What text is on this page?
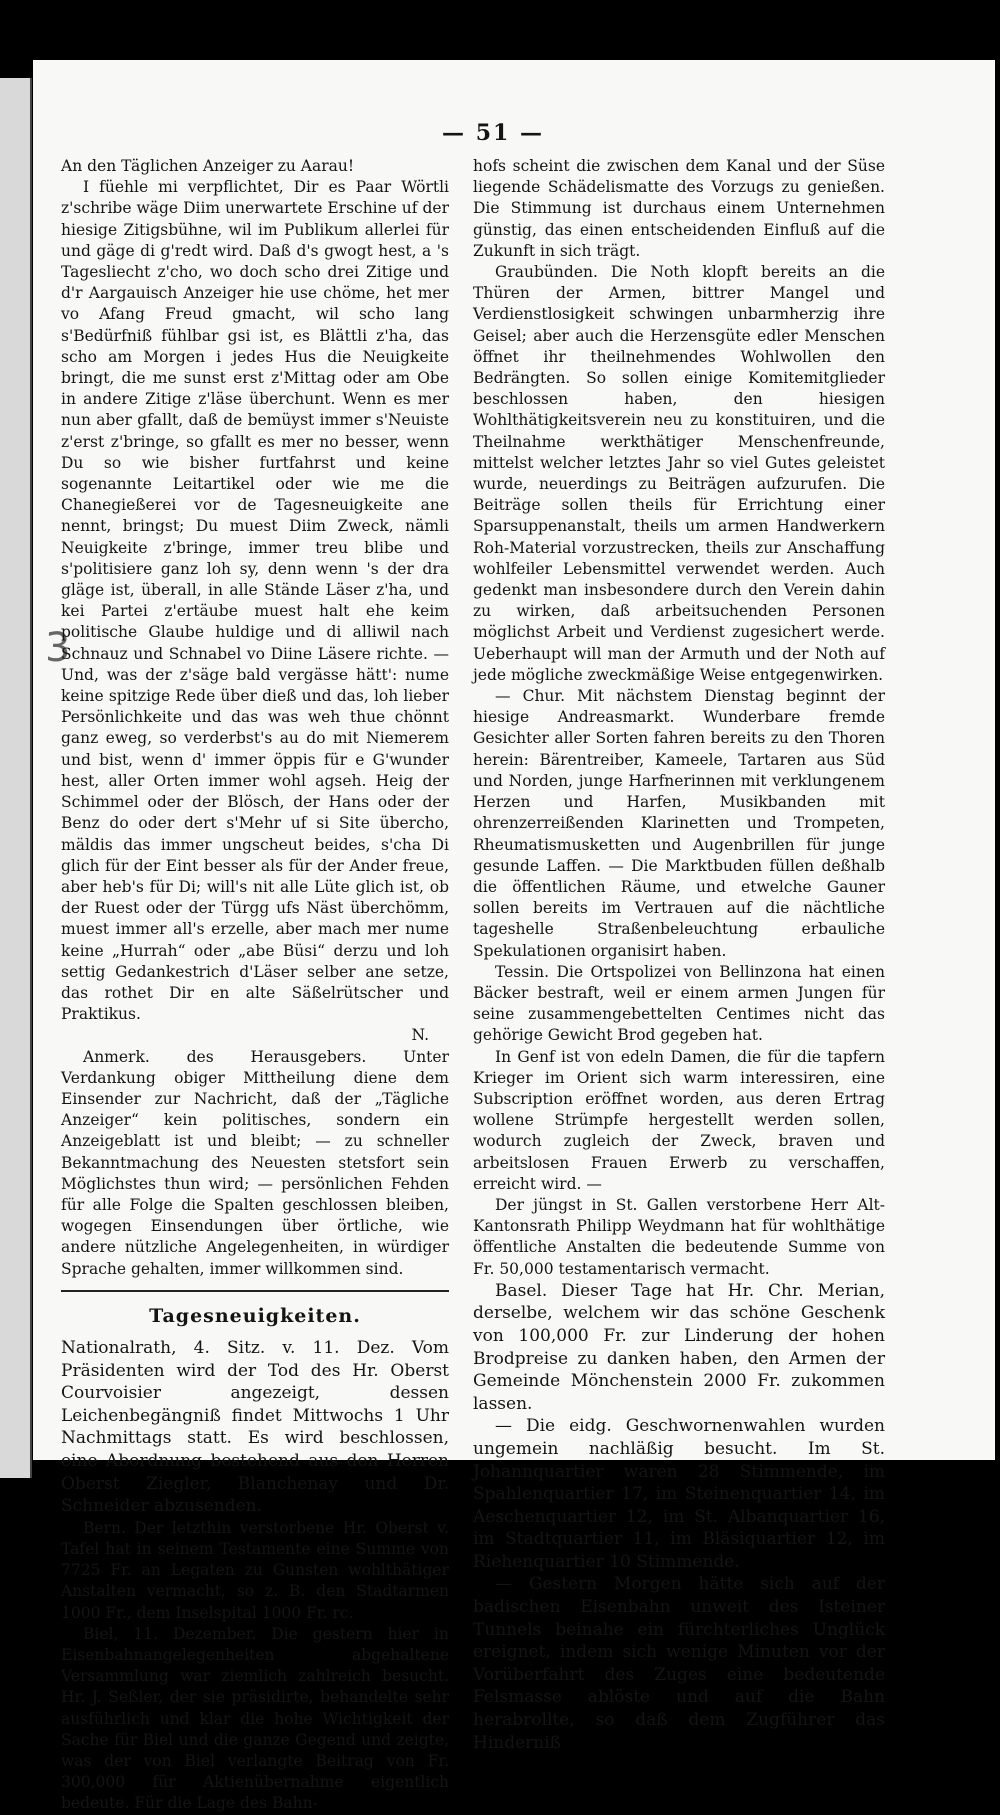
3
— 51 —

An den Täglichen Anzeiger zu Aarau!

I füehle mi verpflichtet, Dir es Paar Wörtli z'schribe wäge Diim unerwartete Erschine uf der hiesige Zitigsbühne, wil im Publikum allerlei für und gäge di g'redt wird. Daß d's gwogt hest, a 's Tagesliecht z'cho, wo doch scho drei Zitige und d'r Aargauisch Anzeiger hie use chöme, het mer vo Afang Freud gmacht, wil scho lang s'Bedürfniß fühlbar gsi ist, es Blättli z'ha, das scho am Morgen i jedes Hus die Neuigkeite bringt, die me sunst erst z'Mittag oder am Obe in andere Zitige z'läse überchunt. Wenn es mer nun aber gfallt, daß de bemüyst immer s'Neuiste z'erst z'bringe, so gfallt es mer no besser, wenn Du so wie bisher furtfahrst und keine sogenannte Leitartikel oder wie me die Chanegießerei vor de Tagesneuigkeite ane nennt, bringst; Du muest Diim Zweck, nämli Neuigkeite z'bringe, immer treu blibe und s'politisiere ganz loh sy, denn wenn 's der dra gläge ist, überall, in alle Stände Läser z'ha, und kei Partei z'ertäube muest halt ehe keim politische Glaube huldige und di alliwil nach Schnauz und Schnabel vo Diine Läsere richte. — Und, was der z'säge bald vergässe hätt': nume keine spitzige Rede über dieß und das, loh lieber Persönlichkeite und das was weh thue chönnt ganz eweg, so verderbst's au do mit Niemerem und bist, wenn d' immer öppis für e G'wunder hest, aller Orten immer wohl agseh. Heig der Schimmel oder der Blösch, der Hans oder der Benz do oder dert s'Mehr uf si Site übercho, mäldis das immer ungscheut beides, s'cha Di glich für der Eint besser als für der Ander freue, aber heb's für Di; will's nit alle Lüte glich ist, ob der Ruest oder der Türgg ufs Näst überchömm, muest immer all's erzelle, aber mach mer nume keine „Hurrah“ oder „abe Büsi“ derzu und loh settig Gedankestrich d'Läser selber ane setze, das rothet Dir en alte Säßelrütscher und Praktikus.

N.

Anmerk. des Herausgebers. Unter Verdankung obiger Mittheilung diene dem Einsender zur Nachricht, daß der „Tägliche Anzeiger“ kein politisches, sondern ein Anzeigeblatt ist und bleibt; — zu schneller Bekanntmachung des Neuesten stetsfort sein Möglichstes thun wird; — persönlichen Fehden für alle Folge die Spalten geschlossen bleiben, wogegen Einsendungen über örtliche, wie andere nützliche Angelegenheiten, in würdiger Sprache gehalten, immer willkommen sind.

Tagesneuigkeiten.

Nationalrath, 4. Sitz. v. 11. Dez. Vom Präsidenten wird der Tod des Hr. Oberst Courvoisier angezeigt, dessen Leichenbegängniß findet Mittwochs 1 Uhr Nachmittags statt. Es wird beschlossen, eine Abordnung bestehend aus den Herren Oberst Ziegler, Blanchenay und Dr. Schneider abzusenden.

Bern. Der letzthin verstorbene Hr. Oberst v. Tafel hat in seinem Testamente eine Summe von 7725 Fr. an Legaten zu Gunsten wohlthätiger Anstalten vermacht, so z. B. den Stadtarmen 1000 Fr., dem Inselspital 1000 Fr. rc.

Biel, 11. Dezember. Die gestern hier in Eisenbahnangelegenheiten abgehaltene Versammlung war ziemlich zahlreich besucht. Hr. J. Seßler, der sie präsidirte, behandelte sehr ausführlich und klar die hohe Wichtigkeit der Sache für Biel und die ganze Gegend und zeigte, was der von Biel verlangte Beitrag von Fr. 300,000 für Aktienübernahme eigentlich bedeute. Für die Lage des Bahn-

hofs scheint die zwischen dem Kanal und der Süse liegende Schädelismatte des Vorzugs zu genießen. Die Stimmung ist durchaus einem Unternehmen günstig, das einen entscheidenden Einfluß auf die Zukunft in sich trägt.

Graubünden. Die Noth klopft bereits an die Thüren der Armen, bittrer Mangel und Verdienstlosigkeit schwingen unbarmherzig ihre Geisel; aber auch die Herzensgüte edler Menschen öffnet ihr theilnehmendes Wohlwollen den Bedrängten. So sollen einige Komitemitglieder beschlossen haben, den hiesigen Wohlthätigkeitsverein neu zu konstituiren, und die Theilnahme werkthätiger Menschenfreunde, mittelst welcher letztes Jahr so viel Gutes geleistet wurde, neuerdings zu Beiträgen aufzurufen. Die Beiträge sollen theils für Errichtung einer Sparsuppenanstalt, theils um armen Handwerkern Roh-Material vorzustrecken, theils zur Anschaffung wohlfeiler Lebensmittel verwendet werden. Auch gedenkt man insbesondere durch den Verein dahin zu wirken, daß arbeitsuchenden Personen möglichst Arbeit und Verdienst zugesichert werde. Ueberhaupt will man der Armuth und der Noth auf jede mögliche zweckmäßige Weise entgegenwirken.

— Chur. Mit nächstem Dienstag beginnt der hiesige Andreasmarkt. Wunderbare fremde Gesichter aller Sorten fahren bereits zu den Thoren herein: Bärentreiber, Kameele, Tartaren aus Süd und Norden, junge Harfnerinnen mit verklungenem Herzen und Harfen, Musikbanden mit ohrenzerreißenden Klarinetten und Trompeten, Rheumatismusketten und Augenbrillen für junge gesunde Laffen. — Die Marktbuden füllen deßhalb die öffentlichen Räume, und etwelche Gauner sollen bereits im Vertrauen auf die nächtliche tageshelle Straßenbeleuchtung erbauliche Spekulationen organisirt haben.

Tessin. Die Ortspolizei von Bellinzona hat einen Bäcker bestraft, weil er einem armen Jungen für seine zusammengebettelten Centimes nicht das gehörige Gewicht Brod gegeben hat.

In Genf ist von edeln Damen, die für die tapfern Krieger im Orient sich warm interessiren, eine Subscription eröffnet worden, aus deren Ertrag wollene Strümpfe hergestellt werden sollen, wodurch zugleich der Zweck, braven und arbeitslosen Frauen Erwerb zu verschaffen, erreicht wird. —

Der jüngst in St. Gallen verstorbene Herr Alt-Kantonsrath Philipp Weydmann hat für wohlthätige öffentliche Anstalten die bedeutende Summe von Fr. 50,000 testamentarisch vermacht.

Basel. Dieser Tage hat Hr. Chr. Merian, derselbe, welchem wir das schöne Geschenk von 100,000 Fr. zur Linderung der hohen Brodpreise zu danken haben, den Armen der Gemeinde Mönchenstein 2000 Fr. zukommen lassen.

— Die eidg. Geschwornenwahlen wurden ungemein nachläßig besucht. Im St. Johannquartier waren 28 Stimmende, im Spahlenquartier 17, im Steinenquartier 14, im Aeschenquartier 12, im St. Albanquartier 16, im Stadtquartier 11, im Bläsiquartier 12, im Riehenquartier 10 Stimmende.

— Gestern Morgen hätte sich auf der badischen Eisenbahn unweit des Isteiner Tunnels beinahe ein fürchterliches Unglück ereignet, indem sich wenige Minuten vor der Vorüberfahrt des Zuges eine bedeutende Felsmasse ablöste und auf die Bahn herabrollte, so daß dem Zugführer das Hinderniß
